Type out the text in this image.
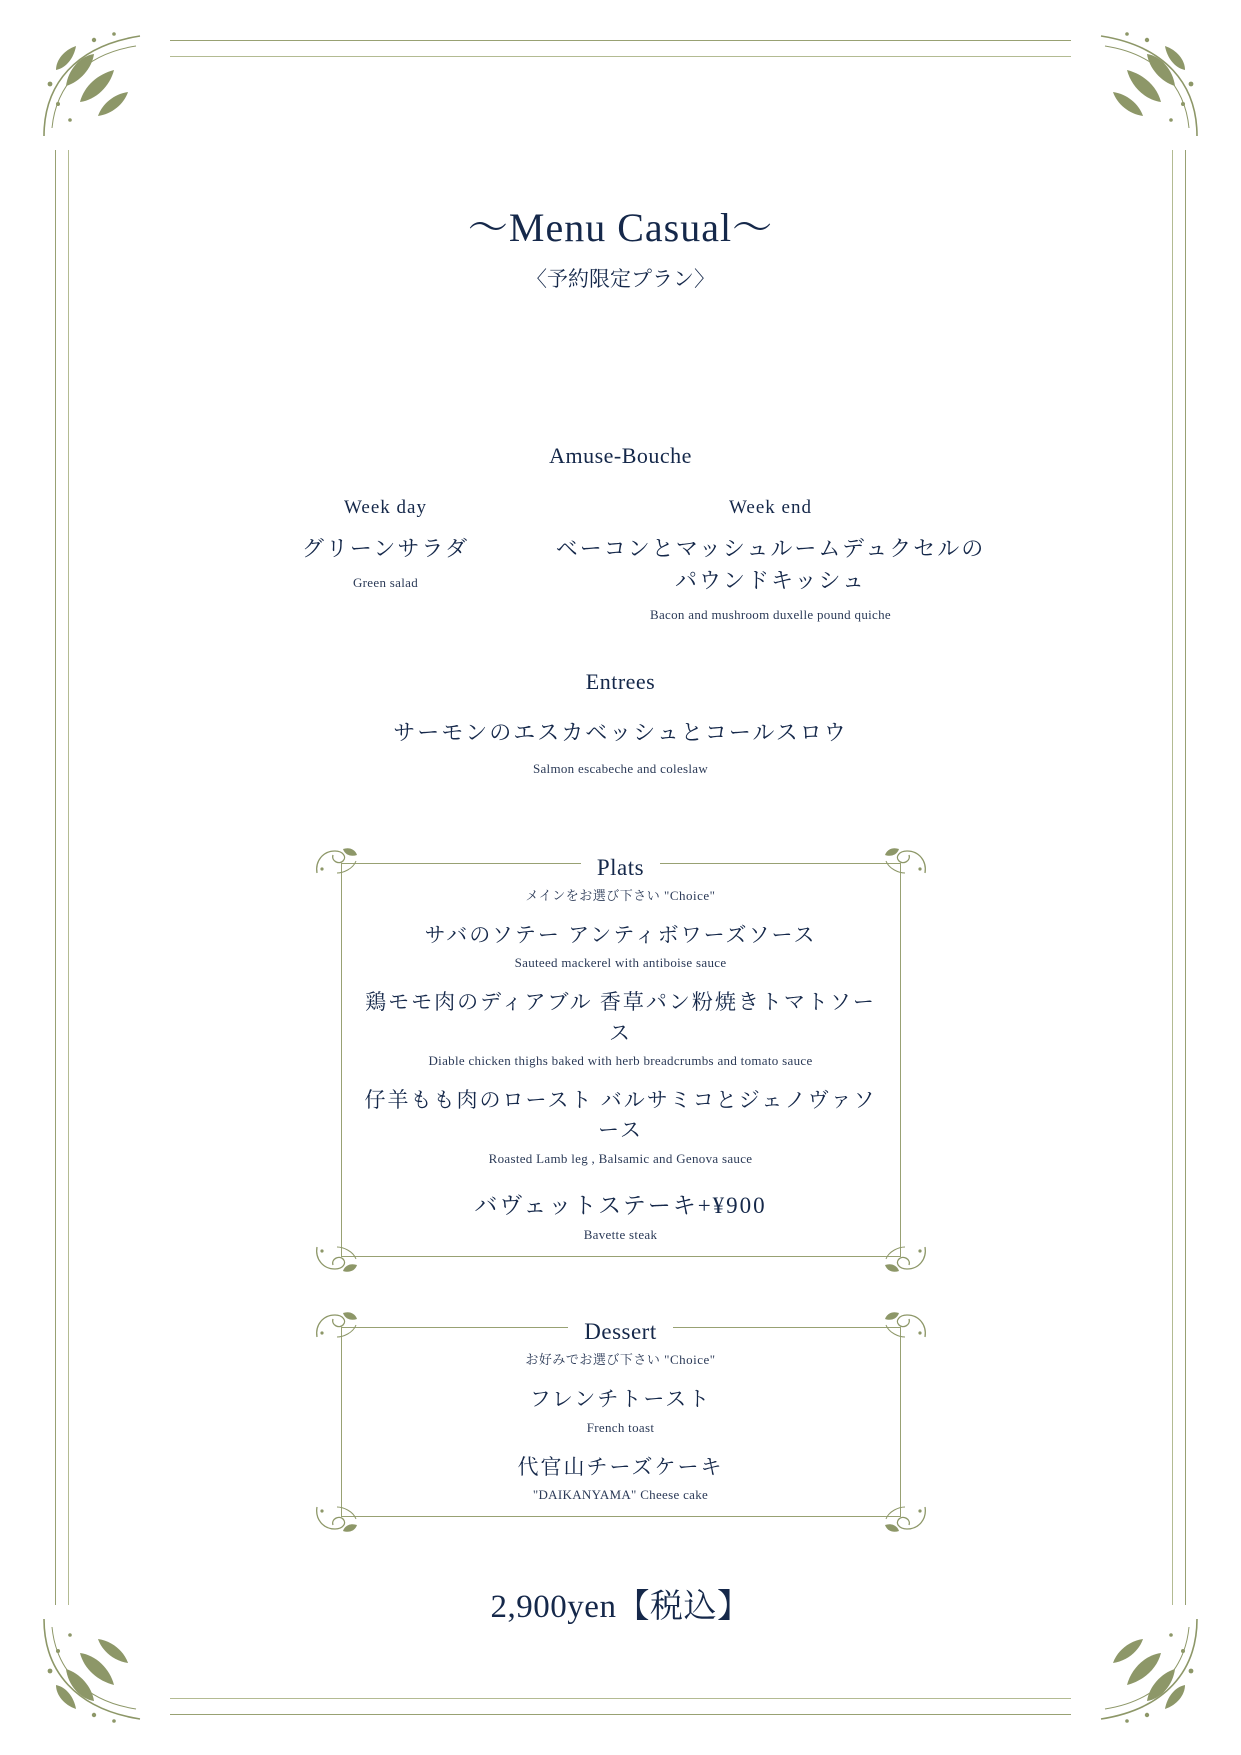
～Menu Casual～
〈予約限定プラン〉
Amuse-Bouche
Week day
グリーンサラダ
Green salad
Week end
ベーコンとマッシュルームデュクセルの
パウンドキッシュ
Bacon and mushroom duxelle pound quiche
Entrees
サーモンのエスカベッシュとコールスロウ
Salmon escabeche and coleslaw
Plats
メインをお選び下さい "Choice"
サバのソテー アンティボワーズソース
Sauteed mackerel with antiboise sauce
鶏モモ肉のディアブル 香草パン粉焼きトマトソース
Diable chicken thighs baked with herb breadcrumbs and tomato sauce
仔羊もも肉のロースト バルサミコとジェノヴァソース
Roasted Lamb leg , Balsamic and Genova sauce
バヴェットステーキ+¥900
Bavette steak
Dessert
お好みでお選び下さい "Choice"
フレンチトースト
French toast
代官山チーズケーキ
"DAIKANYAMA" Cheese cake
2,900yen【税込】
